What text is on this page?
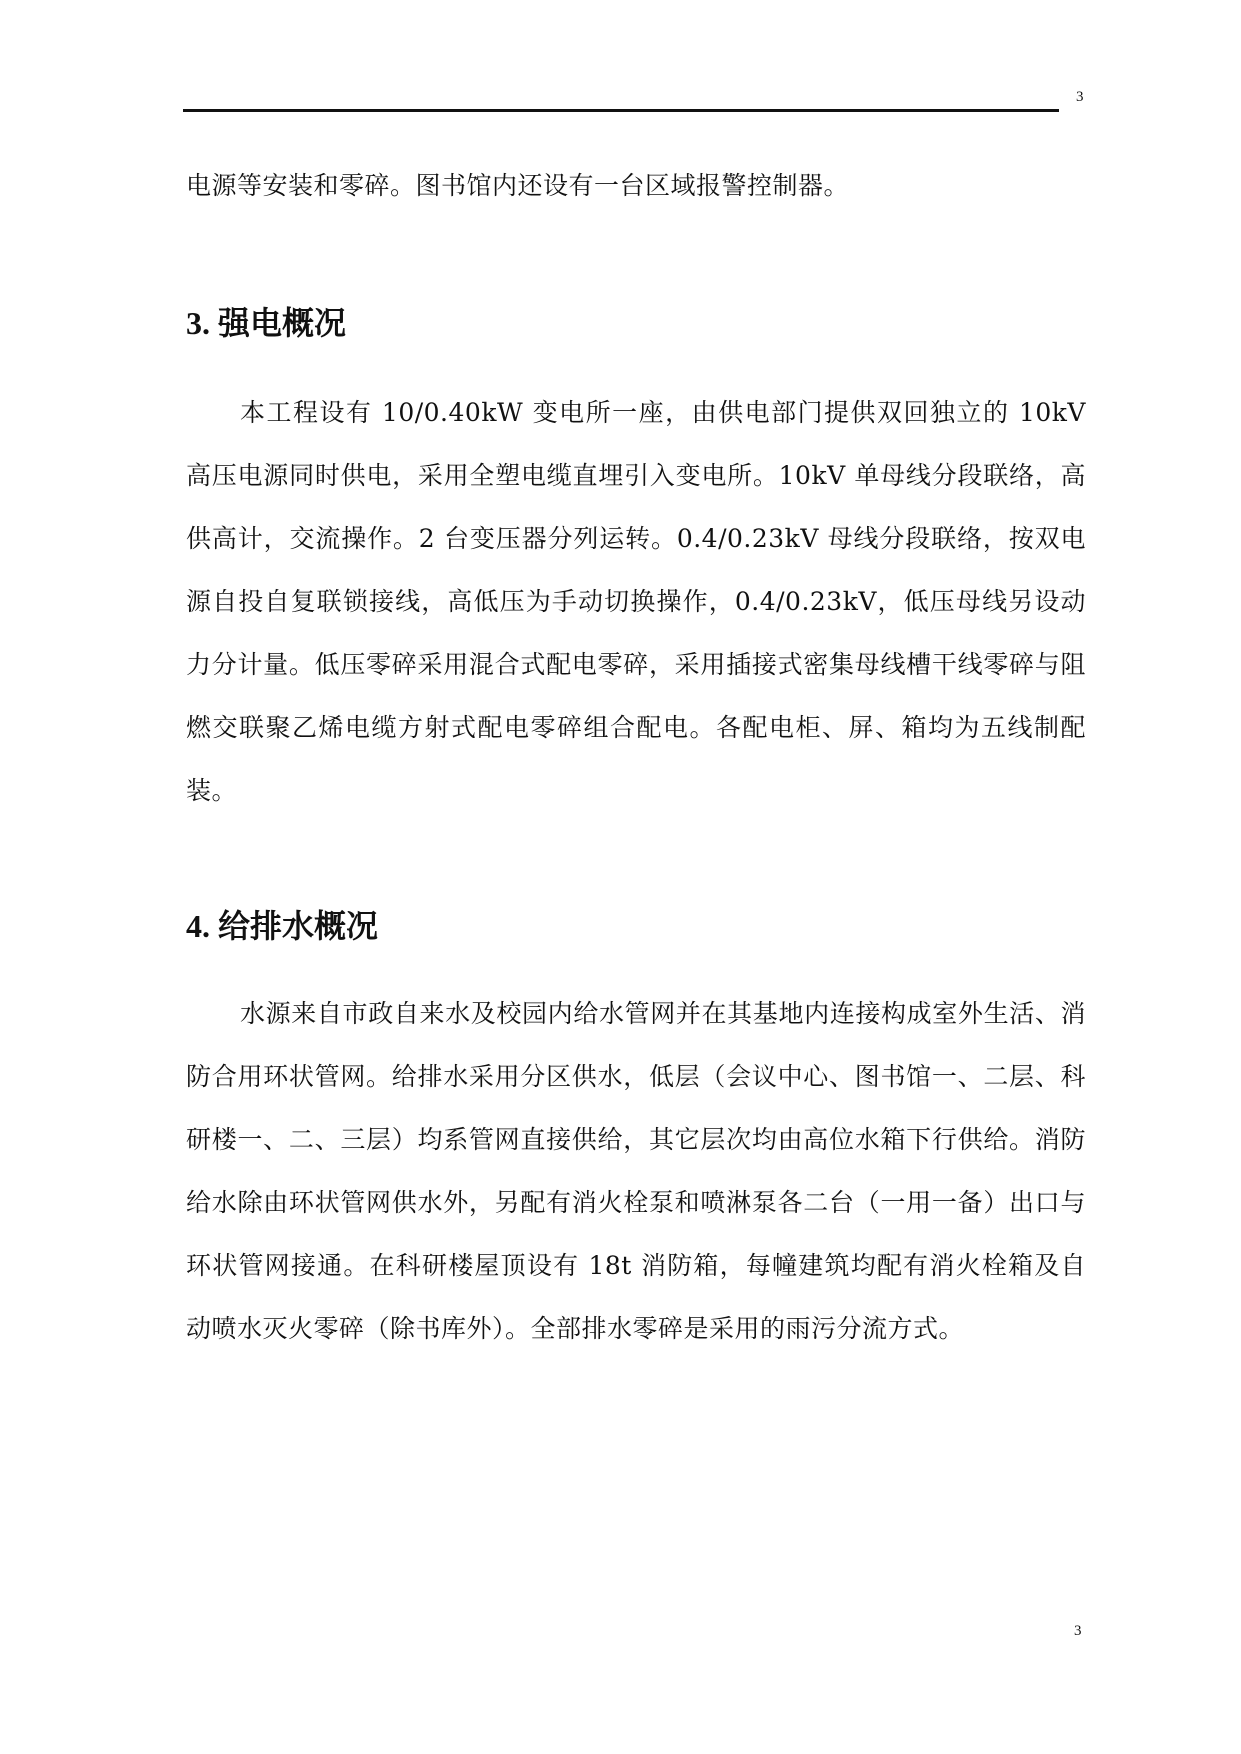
3

电源等安装和零碎。图书馆内还设有一台区域报警控制器。

3. 强电概况

本工程设有 10/0.40kW 变电所一座，由供电部门提供双回独立的 10kV 高压电源同时供电，采用全塑电缆直埋引入变电所。10kV 单母线分段联络，高供高计，交流操作。2 台变压器分列运转。0.4/0.23kV 母线分段联络，按双电源自投自复联锁接线，高低压为手动切换操作，0.4/0.23kV，低压母线另设动力分计量。低压零碎采用混合式配电零碎，采用插接式密集母线槽干线零碎与阻燃交联聚乙烯电缆方射式配电零碎组合配电。各配电柜、屏、箱均为五线制配装。

4. 给排水概况

水源来自市政自来水及校园内给水管网并在其基地内连接构成室外生活、消防合用环状管网。给排水采用分区供水，低层（会议中心、图书馆一、二层、科研楼一、二、三层）均系管网直接供给，其它层次均由高位水箱下行供给。消防给水除由环状管网供水外，另配有消火栓泵和喷淋泵各二台（一用一备）出口与环状管网接通。在科研楼屋顶设有 18t 消防箱，每幢建筑均配有消火栓箱及自动喷水灭火零碎（除书库外）。全部排水零碎是采用的雨污分流方式。

3
